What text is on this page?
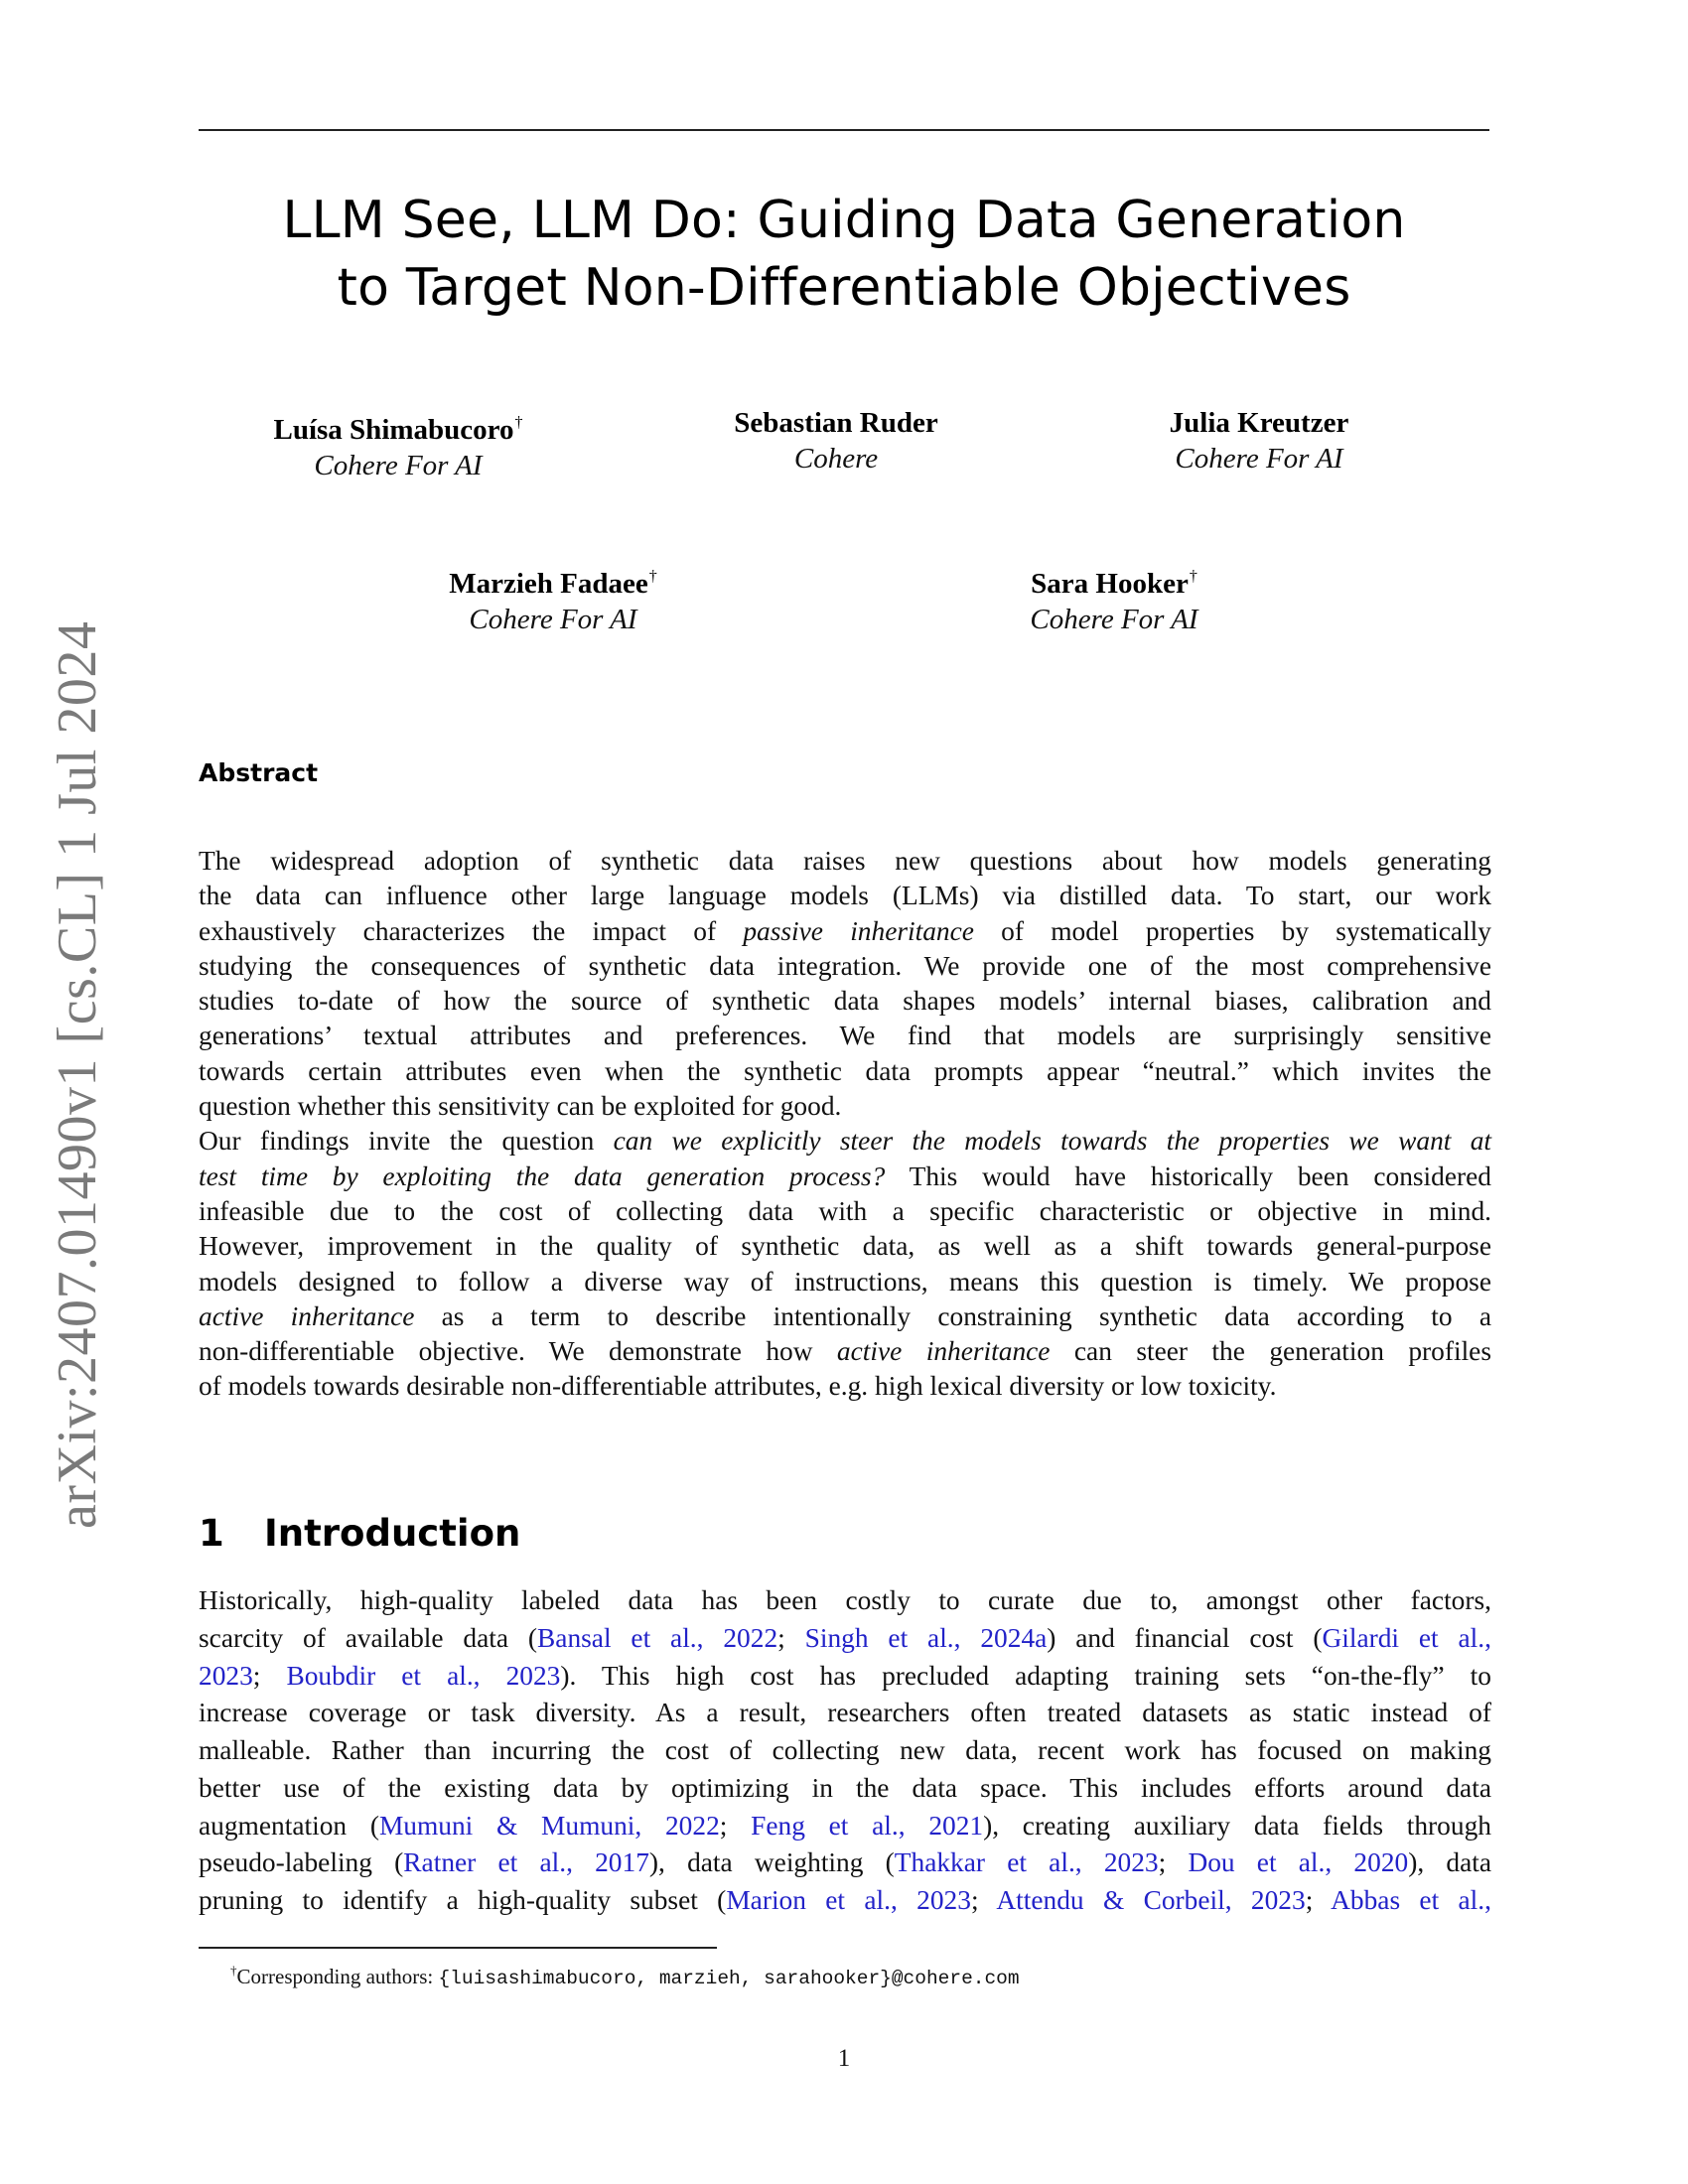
arXiv:2407.01490v1 [cs.CL] 1 Jul 2024
LLM See, LLM Do: Guiding Data Generation
to Target Non-Differentiable Objectives
Luísa Shimabucoro†
Cohere For AI
Sebastian Ruder
Cohere
Julia Kreutzer
Cohere For AI
Marzieh Fadaee†
Cohere For AI
Sara Hooker†
Cohere For AI
Abstract
The widespread adoption of synthetic data raises new questions about how models generating
the data can influence other large language models (LLMs) via distilled data. To start, our work
exhaustively characterizes the impact of passive inheritance of model properties by systematically
studying the consequences of synthetic data integration. We provide one of the most comprehensive
studies to-date of how the source of synthetic data shapes models’ internal biases, calibration and
generations’ textual attributes and preferences. We find that models are surprisingly sensitive
towards certain attributes even when the synthetic data prompts appear “neutral.” which invites the
question whether this sensitivity can be exploited for good.
Our findings invite the question can we explicitly steer the models towards the properties we want at
test time by exploiting the data generation process? This would have historically been considered
infeasible due to the cost of collecting data with a specific characteristic or objective in mind.
However, improvement in the quality of synthetic data, as well as a shift towards general-purpose
models designed to follow a diverse way of instructions, means this question is timely. We propose
active inheritance as a term to describe intentionally constraining synthetic data according to a
non-differentiable objective. We demonstrate how active inheritance can steer the generation profiles
of models towards desirable non-differentiable attributes, e.g. high lexical diversity or low toxicity.
1 Introduction
Historically, high-quality labeled data has been costly to curate due to, amongst other factors,
scarcity of available data (Bansal et al., 2022; Singh et al., 2024a) and financial cost (Gilardi et al.,
2023; Boubdir et al., 2023). This high cost has precluded adapting training sets “on-the-fly” to
increase coverage or task diversity. As a result, researchers often treated datasets as static instead of
malleable. Rather than incurring the cost of collecting new data, recent work has focused on making
better use of the existing data by optimizing in the data space. This includes efforts around data
augmentation (Mumuni & Mumuni, 2022; Feng et al., 2021), creating auxiliary data fields through
pseudo-labeling (Ratner et al., 2017), data weighting (Thakkar et al., 2023; Dou et al., 2020), data
pruning to identify a high-quality subset (Marion et al., 2023; Attendu & Corbeil, 2023; Abbas et al.,
†Corresponding authors: {luisashimabucoro, marzieh, sarahooker}@cohere.com
1
